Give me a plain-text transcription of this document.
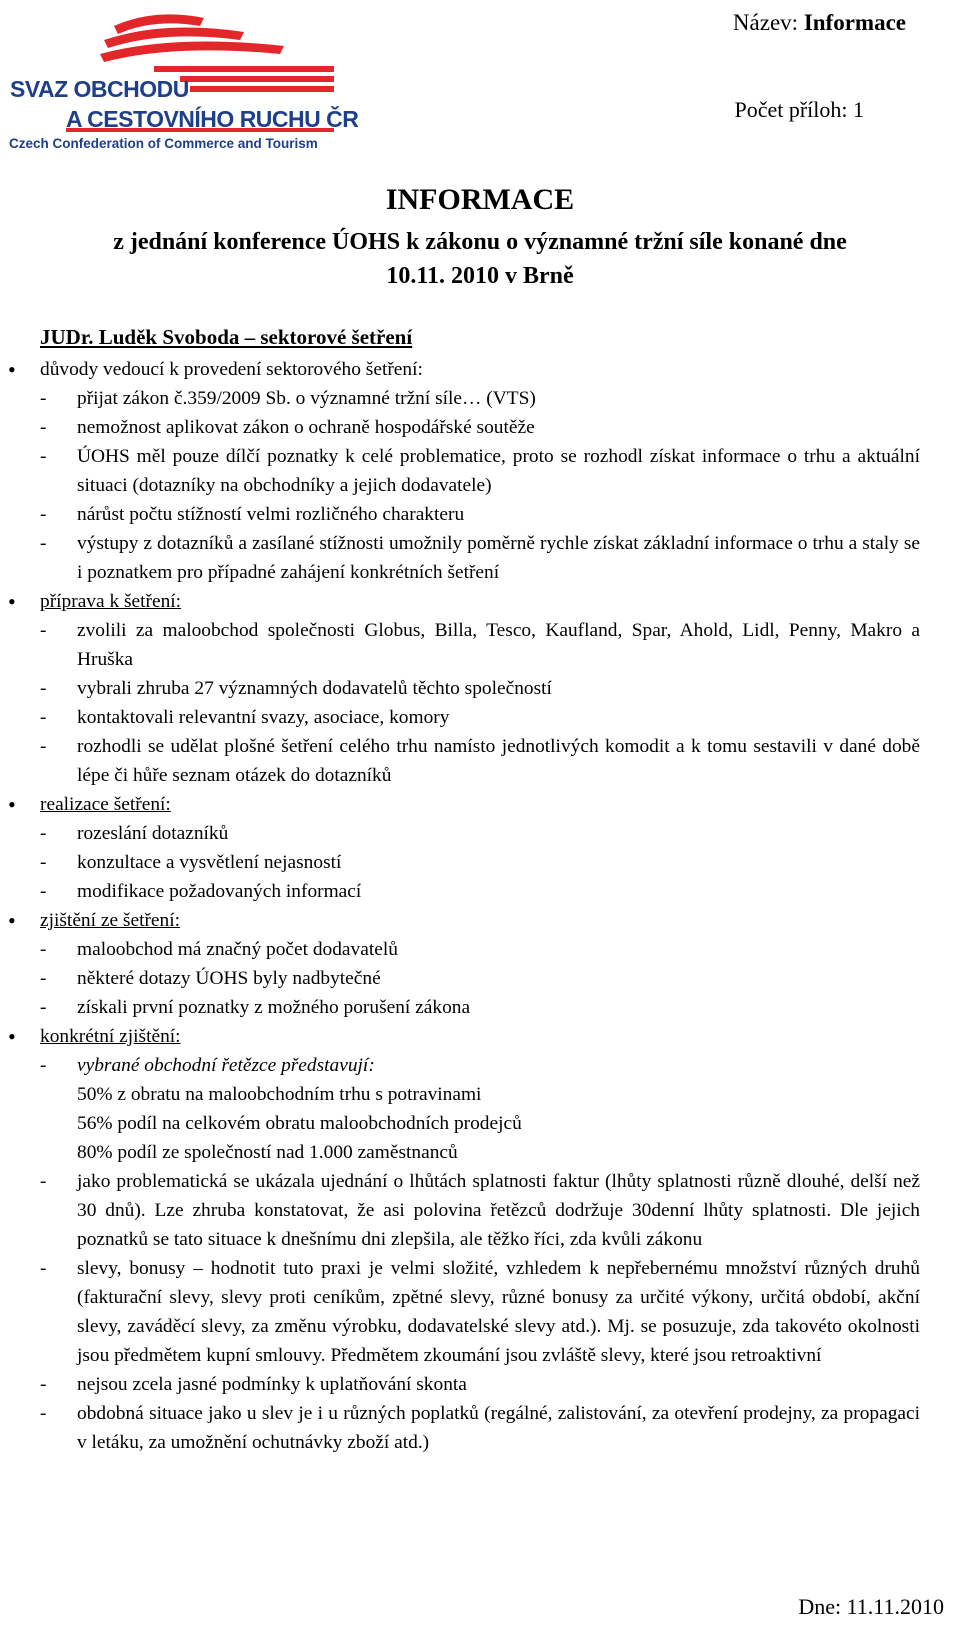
SVAZ OBCHODU
A CESTOVNÍHO RUCHU ČR
Czech Confederation of Commerce and Tourism
Název: Informace
Počet příloh: 1
INFORMACE
z jednání konference ÚOHS k zákonu o významné tržní síle konané dne
10.11. 2010 v Brně
JUDr. Luděk Svoboda – sektorové šetření
• důvody vedoucí k provedení sektorového šetření:
- přijat zákon č.359/2009 Sb. o významné tržní síle… (VTS)
- nemožnost aplikovat zákon o ochraně hospodářské soutěže
- ÚOHS měl pouze dílčí poznatky k celé problematice, proto se rozhodl získat informace o trhu a aktuální situaci (dotazníky na obchodníky a jejich dodavatele)
- nárůst počtu stížností velmi rozličného charakteru
- výstupy z dotazníků a zasílané stížnosti umožnily poměrně rychle získat základní informace o trhu a staly se i poznatkem pro případné zahájení konkrétních šetření
• příprava k šetření:
- zvolili za maloobchod společnosti Globus, Billa, Tesco, Kaufland, Spar, Ahold, Lidl, Penny, Makro a Hruška
- vybrali zhruba 27 významných dodavatelů těchto společností
- kontaktovali relevantní svazy, asociace, komory
- rozhodli se udělat plošné šetření celého trhu namísto jednotlivých komodit a k tomu sestavili v dané době lépe či hůře seznam otázek do dotazníků
• realizace šetření:
- rozeslání dotazníků
- konzultace a vysvětlení nejasností
- modifikace požadovaných informací
• zjištění ze šetření:
- maloobchod má značný počet dodavatelů
- některé dotazy ÚOHS byly nadbytečné
- získali první poznatky z možného porušení zákona
• konkrétní zjištění:
- vybrané obchodní řetězce představují:
50% z obratu na maloobchodním trhu s potravinami
56% podíl na celkovém obratu maloobchodních prodejců
80% podíl ze společností nad 1.000 zaměstnanců
- jako problematická se ukázala ujednání o lhůtách splatnosti faktur (lhůty splatnosti různě dlouhé, delší než 30 dnů). Lze zhruba konstatovat, že asi polovina řetězců dodržuje 30denní lhůty splatnosti. Dle jejich poznatků se tato situace k dnešnímu dni zlepšila, ale těžko říci, zda kvůli zákonu
- slevy, bonusy – hodnotit tuto praxi je velmi složité, vzhledem k nepřebernému množství různých druhů (fakturační slevy, slevy proti ceníkům, zpětné slevy, různé bonusy za určité výkony, určitá období, akční slevy, zaváděcí slevy, za změnu výrobku, dodavatelské slevy atd.). Mj. se posuzuje, zda takovéto okolnosti jsou předmětem kupní smlouvy. Předmětem zkoumání jsou zvláště slevy, které jsou retroaktivní
- nejsou zcela jasné podmínky k uplatňování skonta
- obdobná situace jako u slev je i u různých poplatků (regálné, zalistování, za otevření prodejny, za propagaci v letáku, za umožnění ochutnávky zboží atd.)
Dne: 11.11.2010
